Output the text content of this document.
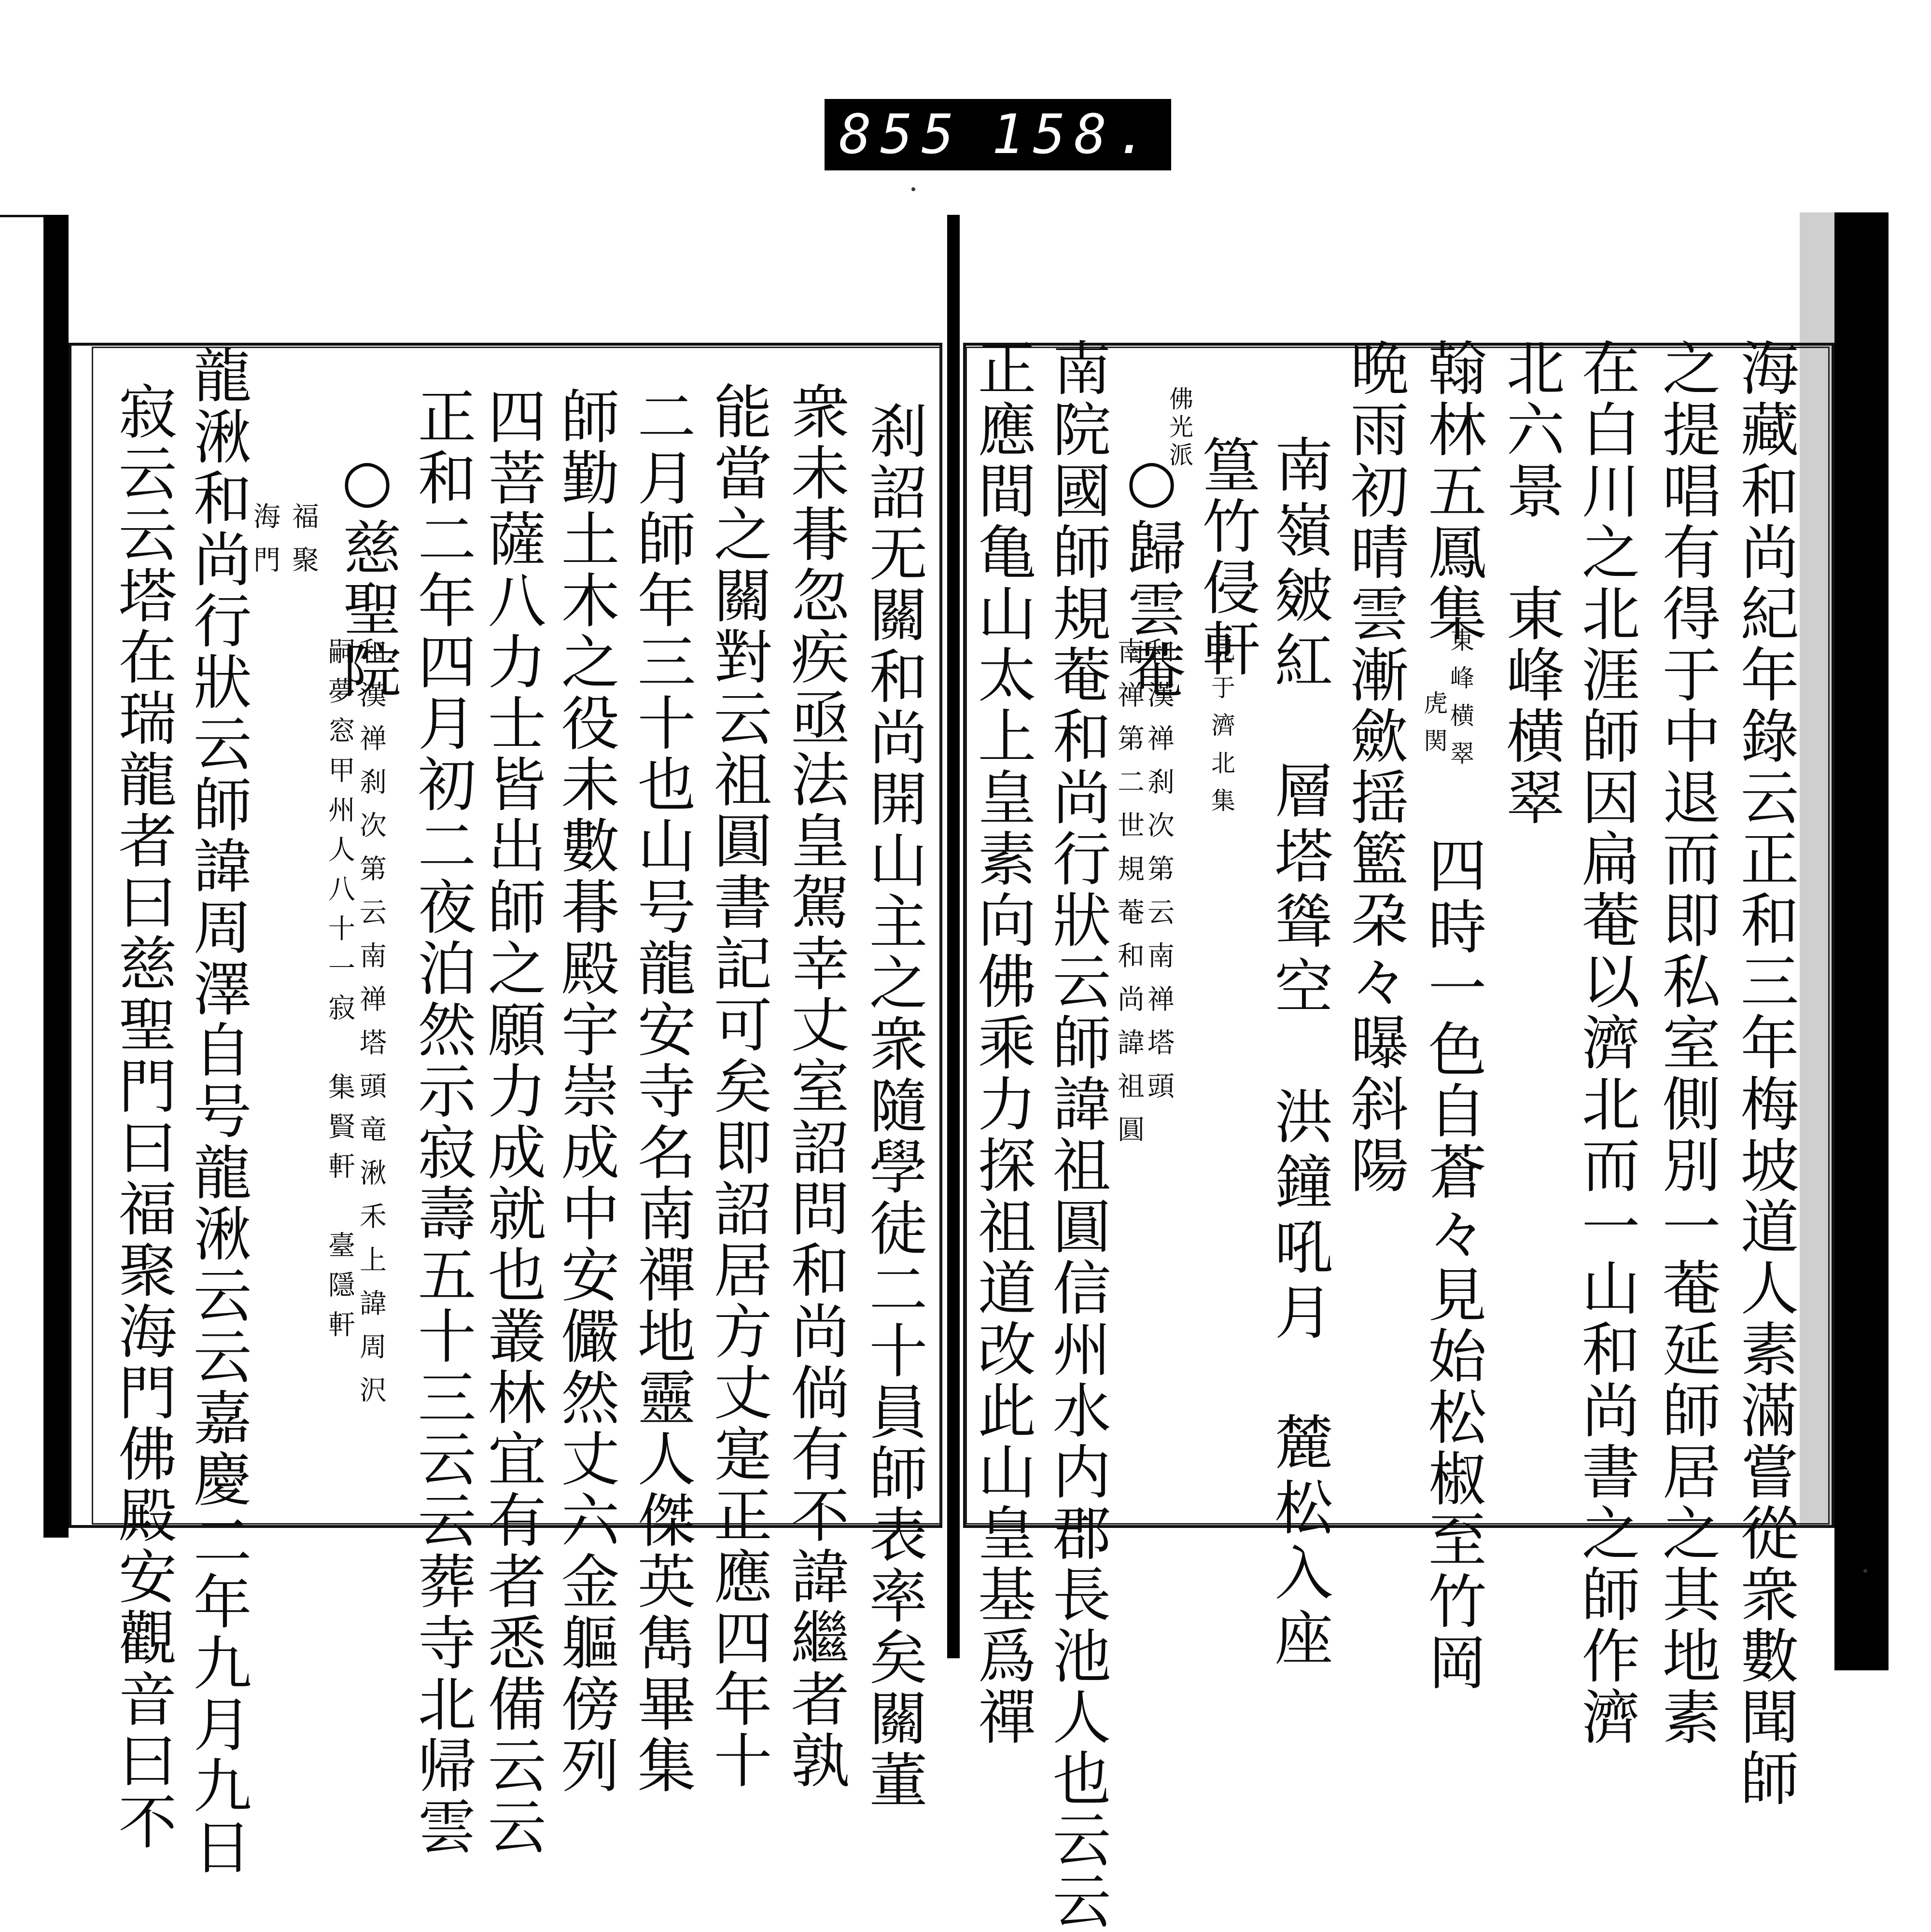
855 158.
海藏和尚紀年錄云正和三年梅坡道人素滿嘗從衆數聞師
之提唱有得于中退而即私室側別一菴延師居之其地素
在白川之北涯師因扁菴以濟北而一山和尚書之師作濟
北六景　東峰横翠
翰林五鳳集
東峰横翠
虎関
四時一色自蒼々見始松椒至竹岡
晩雨初晴雲漸歛揺籃朶々曝斜陽
南嶺皴紅　層塔聳空　洪鐘吼月　麓松入座
佛光派
篁竹侵軒
見于濟北集
○歸雲菴
和漢禅刹次第云南禅塔頭
南禅第二世規菴和尚諱祖圓
南院國師規菴和尚行狀云師諱祖圓信州水内郡長池人也云云
正應間亀山太上皇素向佛乘力探祖道改此山皇基爲禪
刹詔无關和尚開山主之衆隨學徒二十員師表率矣關董
衆未朞忽疾亟法皇駕幸丈室詔問和尚倘有不諱繼者孰
能當之關對云祖圓書記可矣即詔居方丈寔正應四年十
二月師年三十也山号龍安寺名南禪地靈人傑英雋畢集
師勤土木之役未數朞殿宇崇成中安儼然丈六金軀傍列
四菩薩八力士皆出師之願力成就也叢林宜有者悉備云云
正和二年四月初二夜泊然示寂壽五十三云云葬寺北帰雲
○慈聖院
和漢禅刹次第云南禅塔頭竜湫禾上諱周沢
嗣夢窓甲州人八十一寂　集賢軒　臺隱軒
福聚
海門
龍湫和尚行狀云師諱周澤自号龍湫云云嘉慶二年九月九日
寂云云塔在瑞龍者曰慈聖門曰福聚海門佛殿安觀音曰不
